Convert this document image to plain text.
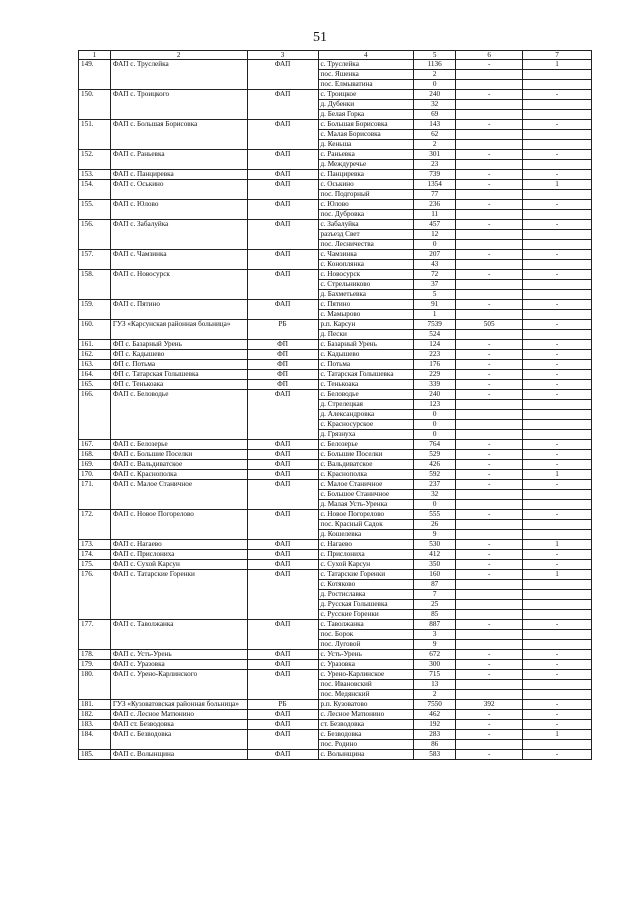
51
1	2	3	4	5	6	7
149.	ФАП с. Труслейка	ФАП	с. Труслейка	1136	-	1
			пос. Яшенка	2		
			пос. Елмыватина	0		
150.	ФАП с. Троицкого	ФАП	с. Троицкое	240	-	-
			д. Дубенки	32		
			д. Белая Горка	69		
151.	ФАП с. Большая Борисовка	ФАП	с. Большая Борисовка	143	-	-
			с. Малая Борисовка	62		
			д. Кеньша	2		
152.	ФАП с. Раньевка	ФАП	с. Раньевка	301	-	-
			д. Междуречье	23		
153.	ФАП с. Панциревка	ФАП	с. Панциревка	739	-	-
154.	ФАП с. Оськино	ФАП	с. Оськино	1354	-	1
			пос. Подгорный	77		
155.	ФАП с. Юлово	ФАП	с. Юлово	236	-	-
			пос. Дубровка	11		
156.	ФАП с. Забалуйка	ФАП	с. Забалуйка	457	-	-
			разъезд Свет	12		
			пос. Лесничества	0		
157.	ФАП с. Чамзинка	ФАП	с. Чамзинка	207	-	-
			с. Коноплянка	43		
158.	ФАП с. Новосурск	ФАП	с. Новосурск	72	-	-
			с. Стрельниково	37		
			д. Бахметьевка	5		
159.	ФАП с. Пятино	ФАП	с. Пятино	91	-	-
			с. Мамырово	1		
160.	ГУЗ «Карсунская районная больница»	РБ	р.п. Карсун	7539	505	-
			д. Пески	524		
161.	ФП с. Базарный Урень	ФП	с. Базарный Урень	124	-	-
162.	ФП с. Кадышево	ФП	с. Кадышево	223	-	-
163.	ФП с. Потьма	ФП	с. Потьма	176	-	-
164.	ФП с. Татарская Голышевка	ФП	с. Татарская Голышевка	229	-	-
165.	ФП с. Тенькоака	ФП	с. Тенькоака	339	-	-
166.	ФАП с. Беловодье	ФАП	с. Беловодье	240	-	-
			д. Стрелецкая	123		
			д. Александровка	0		
			с. Красносурское	0		
			д. Грязнуха	0		
167.	ФАП с. Белозерье	ФАП	с. Белозерье	764	-	-
168.	ФАП с. Большие Поселки	ФАП	с. Большие Поселки	529	-	-
169.	ФАП с. Вальдиватское	ФАП	с. Вальдиватское	426	-	-
170.	ФАП с. Краснополка	ФАП	с. Краснополка	592	-	1
171.	ФАП с. Малое Станичное	ФАП	с. Малое Станичное	237	-	-
			с. Большое Станичное	32		
			д. Малая Усть-Уренка	0		
172.	ФАП с. Новое Погорелово	ФАП	с. Новое Погорелово	555	-	-
			пос. Красный Садок	26		
			д. Кошелевка	9		
173.	ФАП с. Нагаево	ФАП	с. Нагаево	530	-	1
174.	ФАП с. Прислониха	ФАП	с. Прислониха	412	-	-
175.	ФАП с. Сухой Карсун	ФАП	с. Сухой Карсун	350	-	-
176.	ФАП с. Татарские Горенки	ФАП	с. Татарские Горенки	160	-	1
			с. Котяково	87		
			д. Ростиславка	7		
			д. Русская Голышевка	25		
			с. Русские Горенки	85		
177.	ФАП с. Таволжанка	ФАП	с. Таволжанка	887	-	-
			пос. Борок	3		
			пос. Луговой	9		
178.	ФАП с. Усть-Урень	ФАП	с. Усть-Урень	672	-	-
179.	ФАП с. Уразовка	ФАП	с. Уразовка	300	-	-
180.	ФАП с. Уренo-Карлинского	ФАП	с. Урено-Карлинское	715	-	-
			пос. Ивановский	13		
			пос. Медянский	2		
181.	ГУЗ «Кузоватовская районная больница»	РБ	р.п. Кузоватово	7550	392	-
182.	ФАП с. Лесное Матюнино	ФАП	с. Лесное Матюнино	462	-	-
183.	ФАП ст. Безводовка	ФАП	ст. Безводовка	192	-	-
184.	ФАП с. Безводовка	ФАП	с. Безводовка	283	-	1
			пос. Родино	86		
185.	ФАП с. Волынщина	ФАП	с. Волынщина	583	-	-
